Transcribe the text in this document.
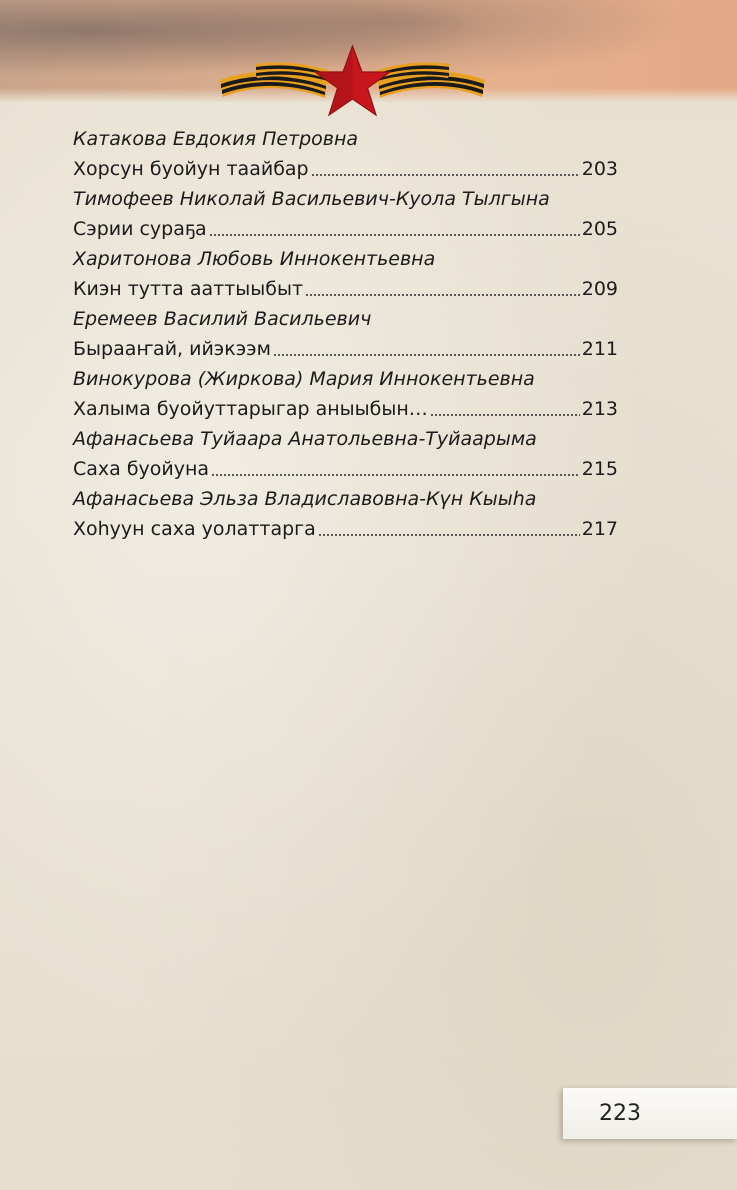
Катакова Евдокия Петровна
Хорсун буойун таайбар	203
Тимофеев Николай Васильевич-Куола Тылгына
Сэрии сураҕа	205
Харитонова Любовь Иннокентьевна
Киэн тутта ааттыыбыт	209
Еремеев Василий Васильевич
Бырааҥай, ийэкээм	211
Винокурова (Жиркова) Мария Иннокентьевна
Халыма буойуттарыгар аныыбын…	213
Афанасьева Туйаара Анатольевна-Туйаарыма
Саха буойуна	215
Афанасьева Эльза Владиславовна-Күн Кыыһа
Хоһуун саха уолаттарга	217
223
